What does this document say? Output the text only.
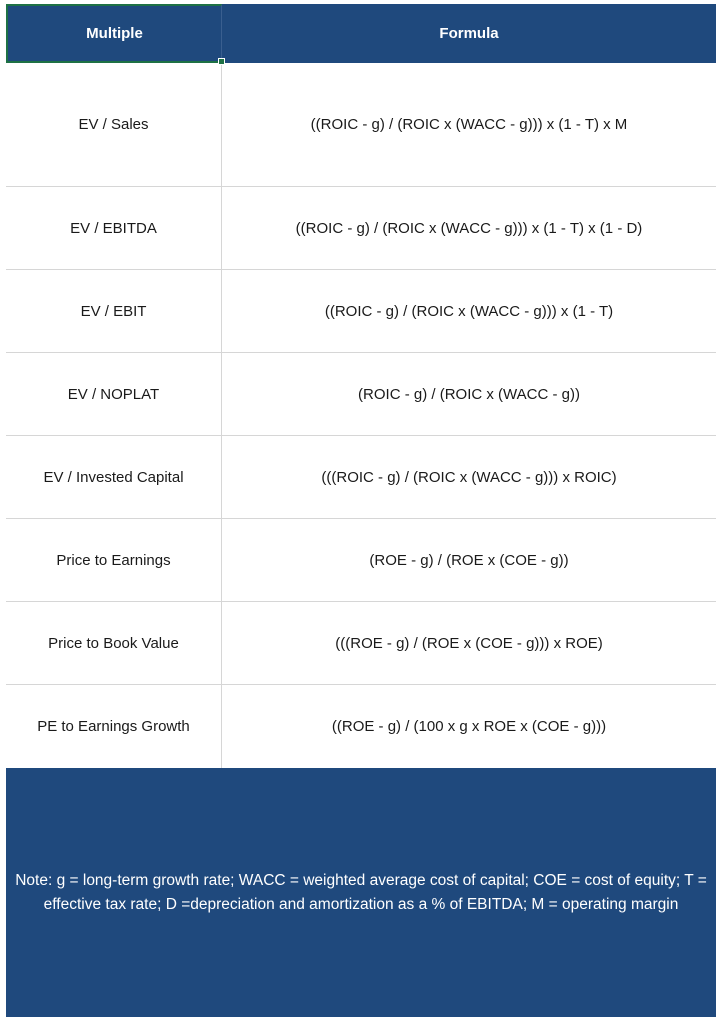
Multiple	Formula
EV / Sales	((ROIC - g) / (ROIC x (WACC - g))) x (1 - T) x M
EV / EBITDA	((ROIC - g) / (ROIC x (WACC - g))) x (1 - T) x (1 - D)
EV / EBIT	((ROIC - g) / (ROIC x (WACC - g))) x (1 - T)
EV / NOPLAT	(ROIC - g) / (ROIC x (WACC - g))
EV / Invested Capital	(((ROIC - g) / (ROIC x (WACC - g))) x ROIC)
Price to Earnings	(ROE - g) / (ROE x (COE - g))
Price to Book Value	(((ROE - g) / (ROE x (COE - g))) x ROE)
PE to Earnings Growth	((ROE - g) / (100 x g x ROE x (COE - g)))
Note: g = long-term growth rate; WACC = weighted average cost of capital; COE = cost of equity; T = effective tax rate; D =depreciation and amortization as a % of EBITDA; M = operating margin
